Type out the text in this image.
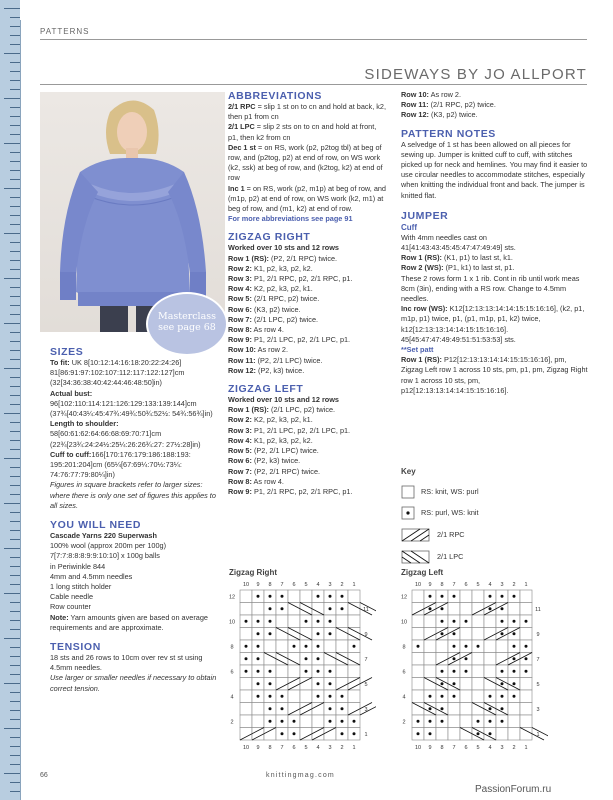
PATTERNS
SIDEWAYS BY JO ALLPORT
Masterclass
see page 68
SIZES

To fit: UK 8[10:12:14:16:18:20:22:24:26] 81[86:91:97:102:107:112:117:122:127]cm (32[34:36:38:40:42:44:46:48:50]in)

Actual bust:

96[102:110:114:121:126:129:133:139:144]cm (37¾[40:43¼:45:47¾:49¾:50¾:52½: 54¾:56¾]in)

Length to shoulder:

58[60:61:62:64:66:68:69:70:71]cm (22¾[23¾:24:24½:25¼:26:26¾:27: 27½:28]in)

Cuff to cuff:166[170:176:179:186:188:193: 195:201:204]cm (65¼[67:69¼:70½:73¼: 74:76:77:79:80¼]in)

Figures in square brackets refer to larger sizes: where there is only one set of figures this applies to all sizes.

YOU WILL NEED

Cascade Yarns 220 Superwash

100% wool (approx 200m per 100g)

7[7:7:8:8:8:9:9:10:10] x 100g balls

in Periwinkle 844

4mm and 4.5mm needles

1 long stitch holder

Cable needle

Row counter

Note: Yarn amounts given are based on average requirements and are approximate.

TENSION

18 sts and 26 rows to 10cm over rev st st using 4.5mm needles.

Use larger or smaller needles if necessary to obtain correct tension.

ABBREVIATIONS

2/1 RPC = slip 1 st on to cn and hold at back, k2, then p1 from cn

2/1 LPC = slip 2 sts on to cn and hold at front, p1, then k2 from cn

Dec 1 st = on RS, work (p2, p2tog tbl) at beg of row, and (p2tog, p2) at end of row, on WS work (k2, ssk) at beg of row, and (k2tog, k2) at end of row

Inc 1 = on RS, work (p2, m1p) at beg of row, and (m1p, p2) at end of row, on WS work (k2, m1) at beg of row, and (m1, k2) at end of row.

For more abbreviations see page 91

ZIGZAG RIGHT

Worked over 10 sts and 12 rows

Row 1 (RS): (P2, 2/1 RPC) twice.

Row 2: K1, p2, k3, p2, k2.

Row 3: P1, 2/1 RPC, p2, 2/1 RPC, p1.

Row 4: K2, p2, k3, p2, k1.

Row 5: (2/1 RPC, p2) twice.

Row 6: (K3, p2) twice.

Row 7: (2/1 LPC, p2) twice.

Row 8: As row 4.

Row 9: P1, 2/1 LPC, p2, 2/1 LPC, p1.

Row 10: As row 2.

Row 11: (P2, 2/1 LPC) twice.

Row 12: (P2, k3) twice.

ZIGZAG LEFT

Worked over 10 sts and 12 rows

Row 1 (RS): (2/1 LPC, p2) twice.

Row 2: K2, p2, k3, p2, k1.

Row 3: P1, 2/1 LPC, p2, 2/1 LPC, p1.

Row 4: K1, p2, k3, p2, k2.

Row 5: (P2, 2/1 LPC) twice.

Row 6: (P2, k3) twice.

Row 7: (P2, 2/1 RPC) twice.

Row 8: As row 4.

Row 9: P1, 2/1 RPC, p2, 2/1 RPC, p1.

Row 10: As row 2.

Row 11: (2/1 RPC, p2) twice.

Row 12: (K3, p2) twice.

PATTERN NOTES

A selvedge of 1 st has been allowed on all pieces for sewing up. Jumper is knitted cuff to cuff, with stitches picked up for neck and hemlines. You may find it easier to use circular needles to accommodate stitches, especially when knitting the individual front and back. The jumper is knitted flat.

JUMPER
Cuff

With 4mm needles cast on 41[41:43:43:45:45:47:47:49:49] sts.

Row 1 (RS): (K1, p1) to last st, k1.

Row 2 (WS): (P1, k1) to last st, p1.

These 2 rows form 1 x 1 rib. Cont in rib until work meas 8cm (3in), ending with a RS row. Change to 4.5mm needles.

Inc row (WS): K12[12:13:13:14:14:15:15:16:16], (k2, p1, m1p, p1) twice, p1, (p1, m1p, p1, k2) twice, k12[12:13:13:14:14:15:15:16:16]. 45[45:47:47:49:49:51:51:53:53] sts.

**Set patt

Row 1 (RS): P12[12:13:13:14:14:15:15:16:16], pm, Zigzag Left row 1 across 10 sts, pm, p1, pm, Zigzag Right row 1 across 10 sts, pm, p12[12:13:13:14:14:15:15:16:16].

Key
RS: knit, WS: purl
RS: purl, WS: knit
2/1 RPC
2/1 LPC
Zigzag Right	Zigzag Left
10
10
9
9
8
8
7
7
6
6
5
5
4
4
3
3
2
2
1
1
12
11
10
9
8
7
6
5
4
3
2
1
10
10
9
9
8
8
7
7
6
6
5
5
4
4
3
3
2
2
1
1
12
11
10
9
8
7
6
5
4
3
2
1
66	knittingmag.com
PassionForum.ru
